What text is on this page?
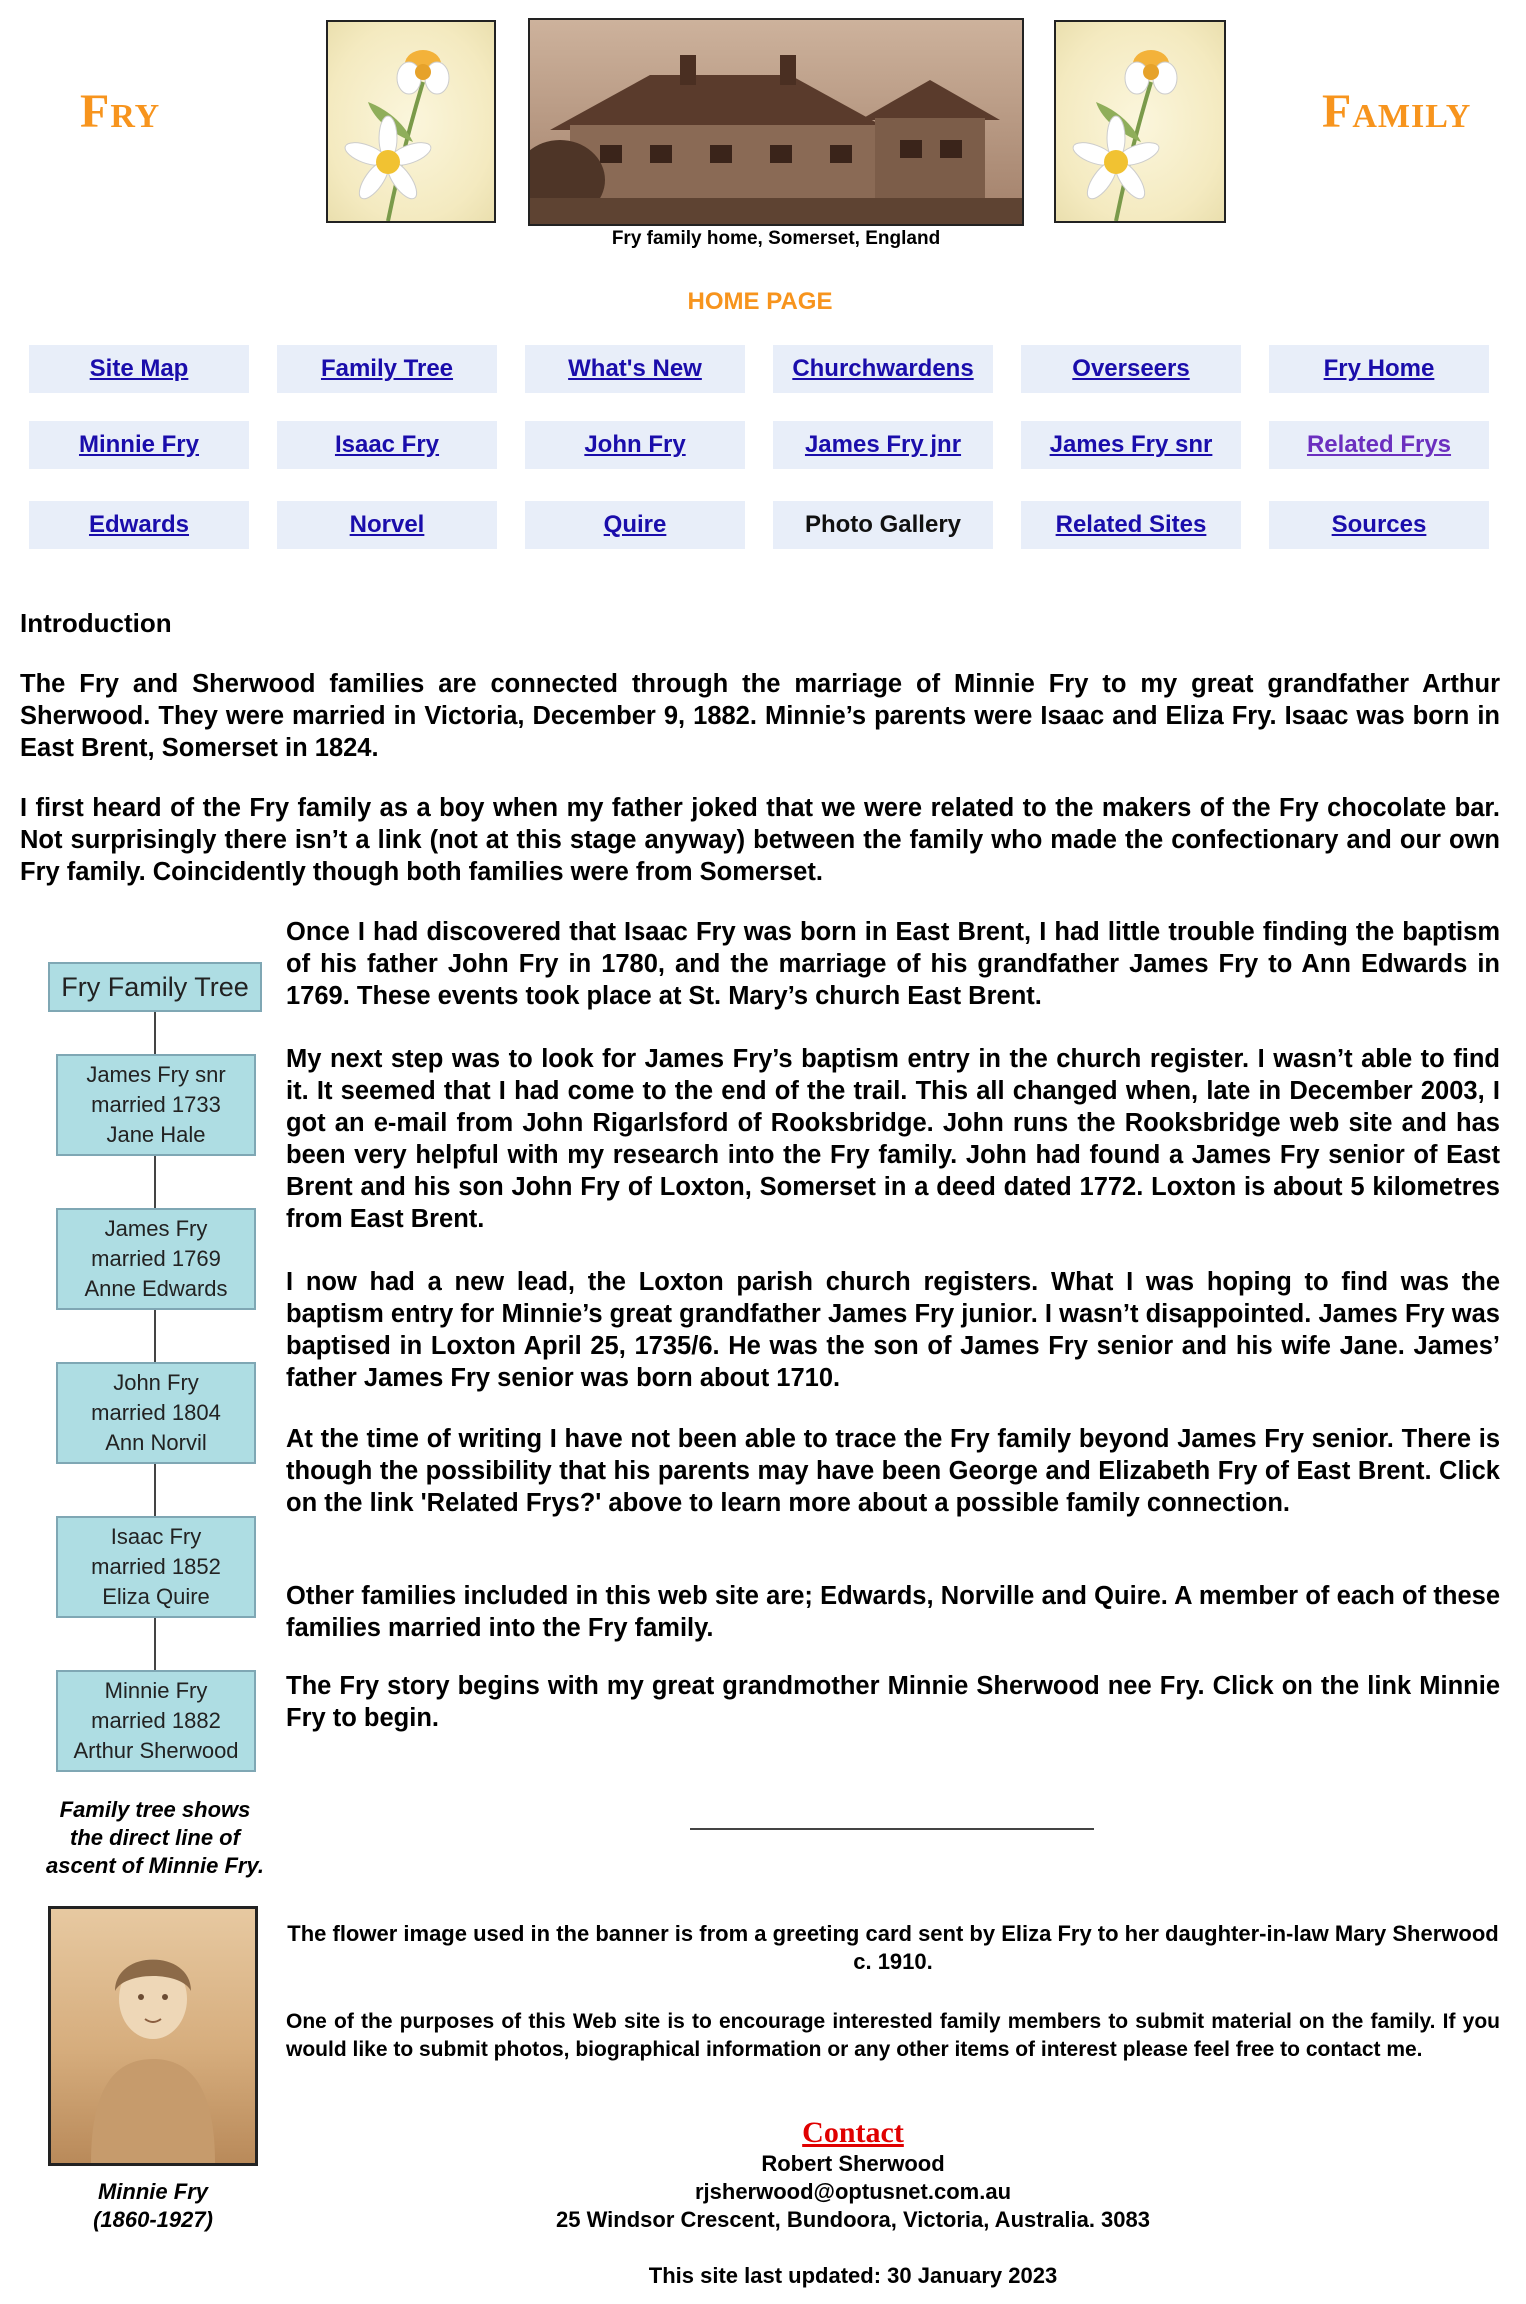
Fry	Family
Fry family home, Somerset, England
HOME PAGE
Site Map	Family Tree	What's New	Churchwardens	Overseers	Fry Home
Minnie Fry	Isaac Fry	John Fry	James Fry jnr	James Fry snr	Related Frys
Edwards	Norvel	Quire	Photo Gallery	Related Sites	Sources
Introduction

The Fry and Sherwood families are connected through the marriage of Minnie Fry to my great grandfather Arthur Sherwood. They were married in Victoria, December 9, 1882. Minnie’s parents were Isaac and Eliza Fry. Isaac was born in East Brent, Somerset in 1824.

I first heard of the Fry family as a boy when my father joked that we were related to the makers of the Fry chocolate bar. Not surprisingly there isn’t a link (not at this stage anyway) between the family who made the confectionary and our own Fry family. Coincidently though both families were from Somerset.

Fry Family Tree
James Fry snr
married 1733
Jane Hale
James Fry
married 1769
Anne Edwards
John Fry
married 1804
Ann Norvil
Isaac Fry
married 1852
Eliza Quire
Minnie Fry
married 1882
Arthur Sherwood
Family tree shows
the direct line of
ascent of Minnie Fry.
Minnie Fry
(1860-1927)

Once I had discovered that Isaac Fry was born in East Brent, I had little trouble finding the baptism of his father John Fry in 1780, and the marriage of his grandfather James Fry to Ann Edwards in 1769. These events took place at St. Mary’s church East Brent.

My next step was to look for James Fry’s baptism entry in the church register. I wasn’t able to find it. It seemed that I had come to the end of the trail. This all changed when, late in December 2003, I got an e-mail from John Rigarlsford of Rooksbridge. John runs the Rooksbridge web site and has been very helpful with my research into the Fry family. John had found a James Fry senior of East Brent and his son John Fry of Loxton, Somerset in a deed dated 1772. Loxton is about 5 kilometres from East Brent.

I now had a new lead, the Loxton parish church registers. What I was hoping to find was the baptism entry for Minnie’s great grandfather James Fry junior. I wasn’t disappointed. James Fry was baptised in Loxton April 25, 1735/6. He was the son of James Fry senior and his wife Jane. James’ father James Fry senior was born about 1710.

At the time of writing I have not been able to trace the Fry family beyond James Fry senior. There is though the possibility that his parents may have been George and Elizabeth Fry of East Brent. Click on the link 'Related Frys?' above to learn more about a possible family connection.

Other families included in this web site are; Edwards, Norville and Quire. A member of each of these families married into the Fry family.

The Fry story begins with my great grandmother Minnie Sherwood nee Fry. Click on the link Minnie Fry to begin.

The flower image used in the banner is from a greeting card sent by Eliza Fry to her daughter-in-law Mary Sherwood c. 1910.

One of the purposes of this Web site is to encourage interested family members to submit material on the family. If you would like to submit photos, biographical information or any other items of interest please feel free to contact me.

Contact
Robert Sherwood
rjsherwood@optusnet.com.au
25 Windsor Crescent, Bundoora, Victoria, Australia. 3083
This site last updated: 30 January 2023
